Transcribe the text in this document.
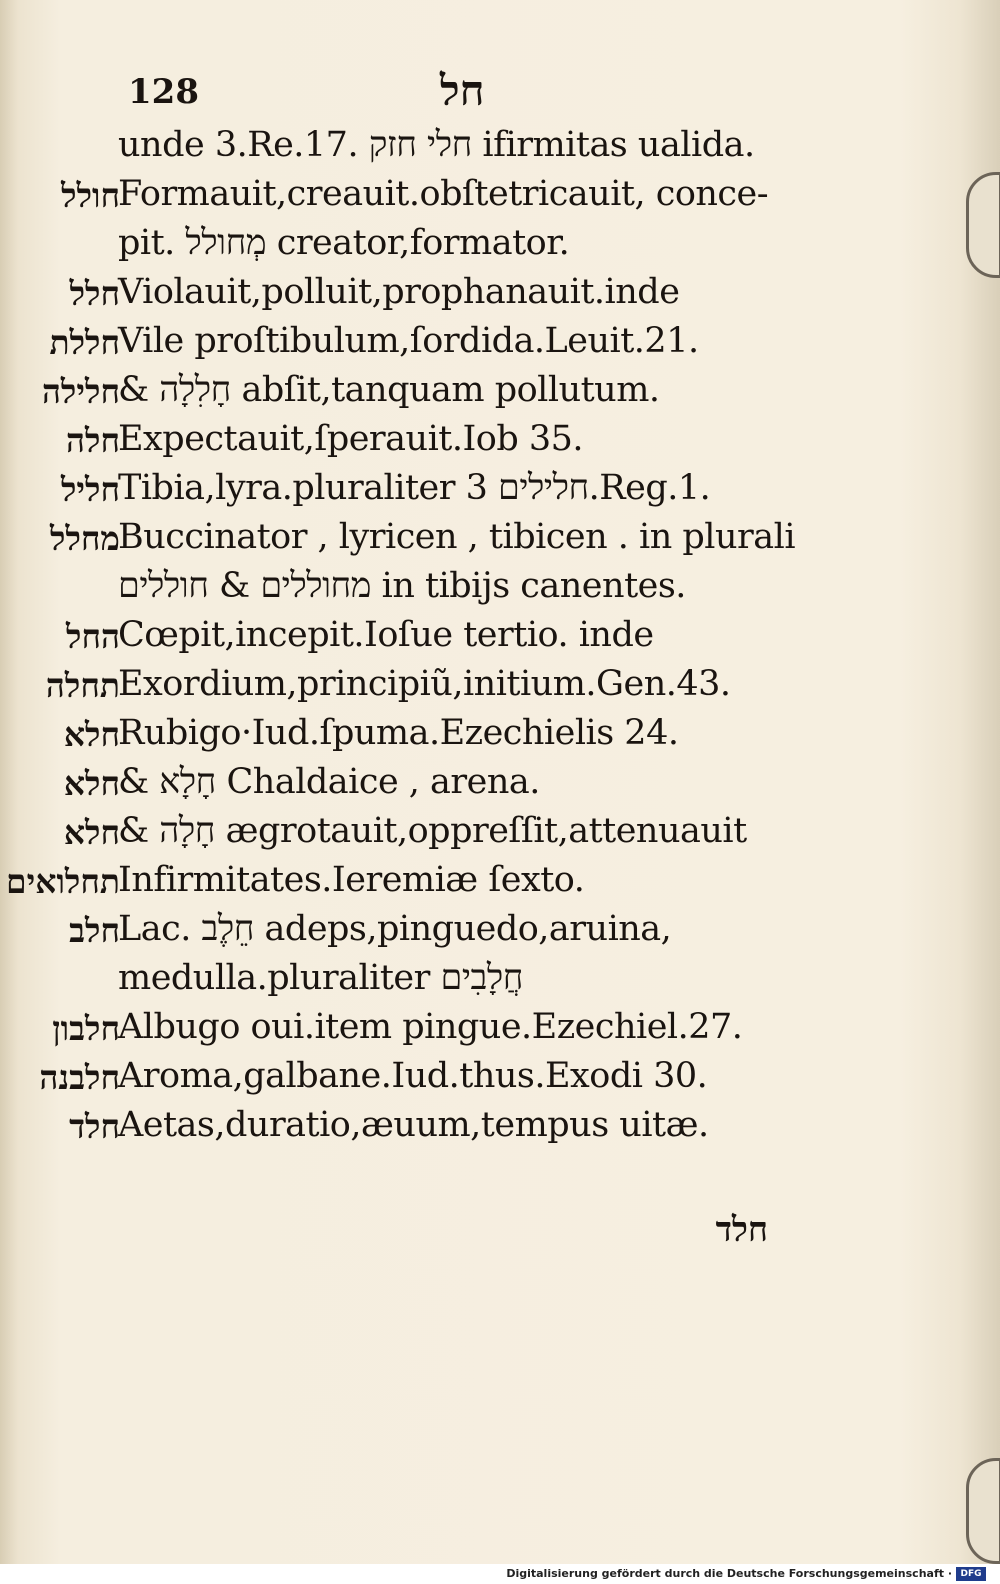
128	חל
unde 3.Re.17. חלי חזק ifirmitas ualida.
חולל
Formauit,creauit.obſtetricauit, conce-
pit. מְחולל creator,formator.
חלל
Violauit,polluit,prophanauit.inde
חללת
Vile proſtibulum,ſordida.Leuit.21.
חלילה
& חָלִלָה abſit,tanquam pollutum.
חלה
Expectauit,ſperauit.Iob 35.
חליל
Tibia,lyra.pluraliter חלילים 3.Reg.1.
מחלל
Buccinator , lyricen , tibicen . in plurali
מחוללים & חוללים in tibijs canentes.
החל
Cœpit,incepit.Ioſue tertio. inde
תחלה
Exordium,principiũ,initium.Gen.43.
חלא
Rubigo·Iud.ſpuma.Ezechielis 24.
חלא
& חָלָא Chaldaice , arena.
חלא
& חָלָה ægrotauit,oppreſſit,attenuauit
תחלואים
Infirmitates.Ieremiæ ſexto.
חלב
Lac. חֵלֶב adeps,pinguedo,aruina,
medulla.pluraliter חֲלָבִים
חלבון
Albugo oui.item pingue.Ezechiel.27.
חלבנה
Aroma,galbane.Iud.thus.Exodi 30.
חלד
Aetas,duratio,æuum,tempus uitæ.
חלד
Digitalisierung gefördert durch die Deutsche Forschungsgemeinschaft · DFG
